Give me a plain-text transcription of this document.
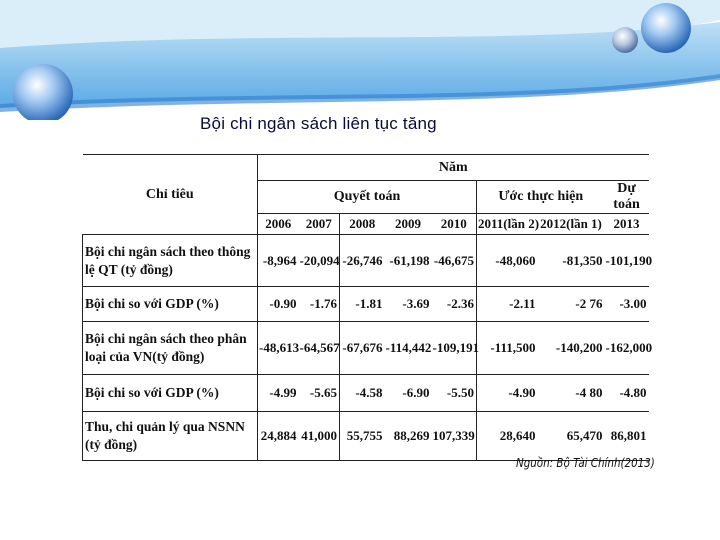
Bội chi ngân sách liên tục tăng
Chỉ tiêu	Năm							
	Quyết toán					Ước thực hiện		Dự toán
	2006	2007	2008	2009	2010	2011(lần 2)	2012(lần 1)	2013
Bội chi ngân sách theo thông lệ QT (tỷ đồng)	-8,964	-20,094	-26,746	-61,198	-46,675	-48,060	-81,350	-101,190
Bội chi so với GDP (%)	-0.90	-1.76	-1.81	-3.69	-2.36	-2.11	-2 76	-3.00
Bội chi ngân sách theo phân loại của VN(tỷ đồng)	-48,613	-64,567	-67,676	-114,442	-109,191	-111,500	-140,200	-162,000
Bội chi so với GDP (%)	-4.99	-5.65	-4.58	-6.90	-5.50	-4.90	-4 80	-4.80
Thu, chi quản lý qua NSNN (tỷ đồng)	24,884	41,000	55,755	88,269	107,339	28,640	65,470	86,801
Nguồn: Bộ Tài Chính(2013)
